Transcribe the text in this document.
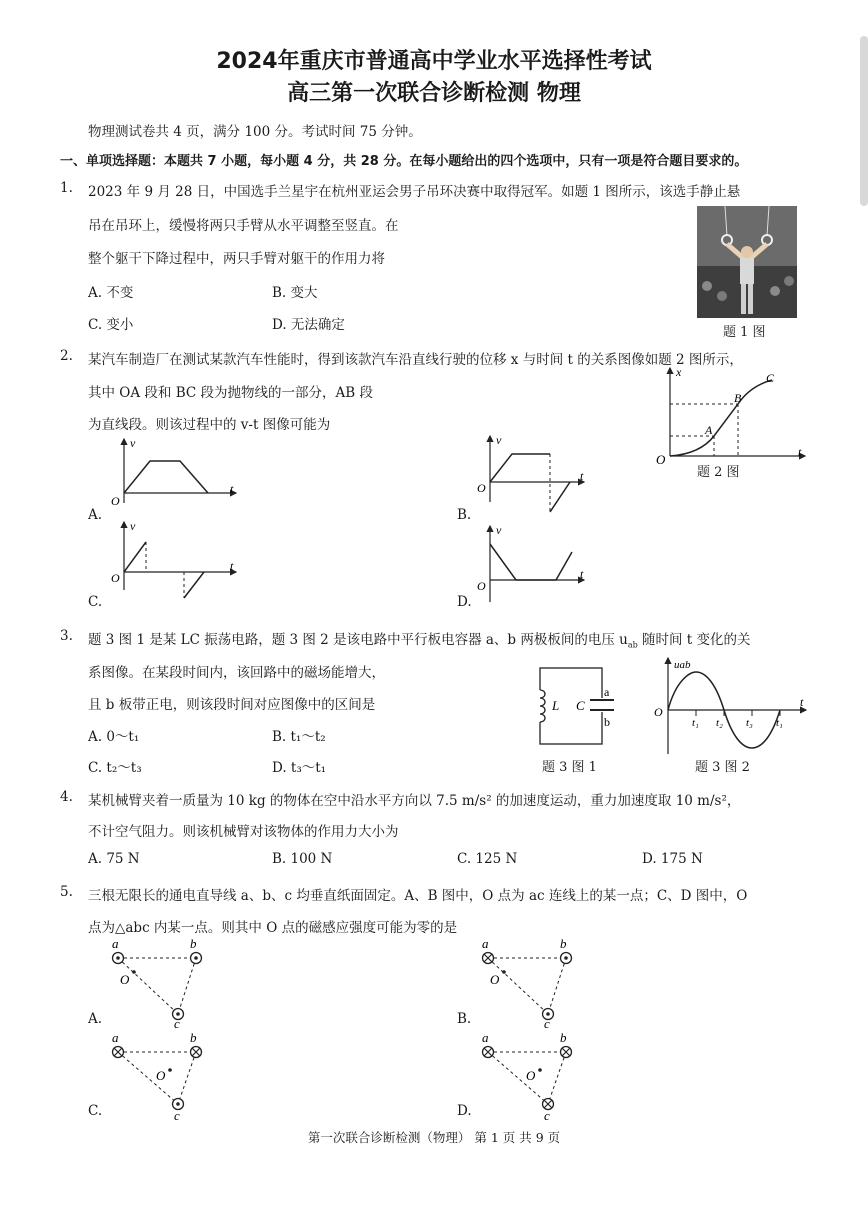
2024年重庆市普通高中学业水平选择性考试
高三第一次联合诊断检测 物理
物理测试卷共 4 页，满分 100 分。考试时间 75 分钟。
一、单项选择题：本题共 7 小题，每小题 4 分，共 28 分。在每小题给出的四个选项中，只有一项是符合题目要求的。
1. 2023 年 9 月 28 日，中国选手兰星宇在杭州亚运会男子吊环决赛中取得冠军。如题 1 图所示，该选手静止悬
吊在吊环上，缓慢将两只手臂从水平调整至竖直。在
整个躯干下降过程中，两只手臂对躯干的作用力将
A. 不变	B. 变大
C. 变小	D. 无法确定	题 1 图
2. 某汽车制造厂在测试某款汽车性能时，得到该款汽车沿直线行驶的位移 x 与时间 t 的关系图像如题 2 图所示，
其中 OA 段和 BC 段为抛物线的一部分，AB 段
为直线段。则该过程中的 v-t 图像可能为
x
t
O
A
B
C
题 2 图
v
t
O
A.
v
t
O
B.
v
t
O
C.
v
t
O
D.
3. 题 3 图 1 是某 LC 振荡电路，题 3 图 2 是该电路中平行板电容器 a、b 两极板间的电压 $u_{ab}$ 随时间 t 变化的关
系图像。在某段时间内，该回路中的磁场能增大，
且 b 板带正电，则该段时间对应图像中的区间是
A. 0～t₁	B. t₁～t₂
C. t₂～t₃	D. t₃～t₁
L C
a
b
题 3 图 1
uab
t
O
t₁ t₂ t₃ t₁
题 3 图 2
4. 某机械臂夹着一质量为 10 kg 的物体在空中沿水平方向以 7.5 m/s² 的加速度运动，重力加速度取 10 m/s²，
不计空气阻力。则该机械臂对该物体的作用力大小为
A. 75 N	B. 100 N	C. 125 N	D. 175 N
5. 三根无限长的通电直导线 a、b、c 均垂直纸面固定。A、B 图中，O 点为 ac 连线上的某一点；C、D 图中，O
点为△abc 内某一点。则其中 O 点的磁感应强度可能为零的是
a	b
c
O
A.
a	b
c
O
B.
a	b
c
O
C.
a	b
c
O
D.
第一次联合诊断检测（物理） 第 1 页 共 9 页
